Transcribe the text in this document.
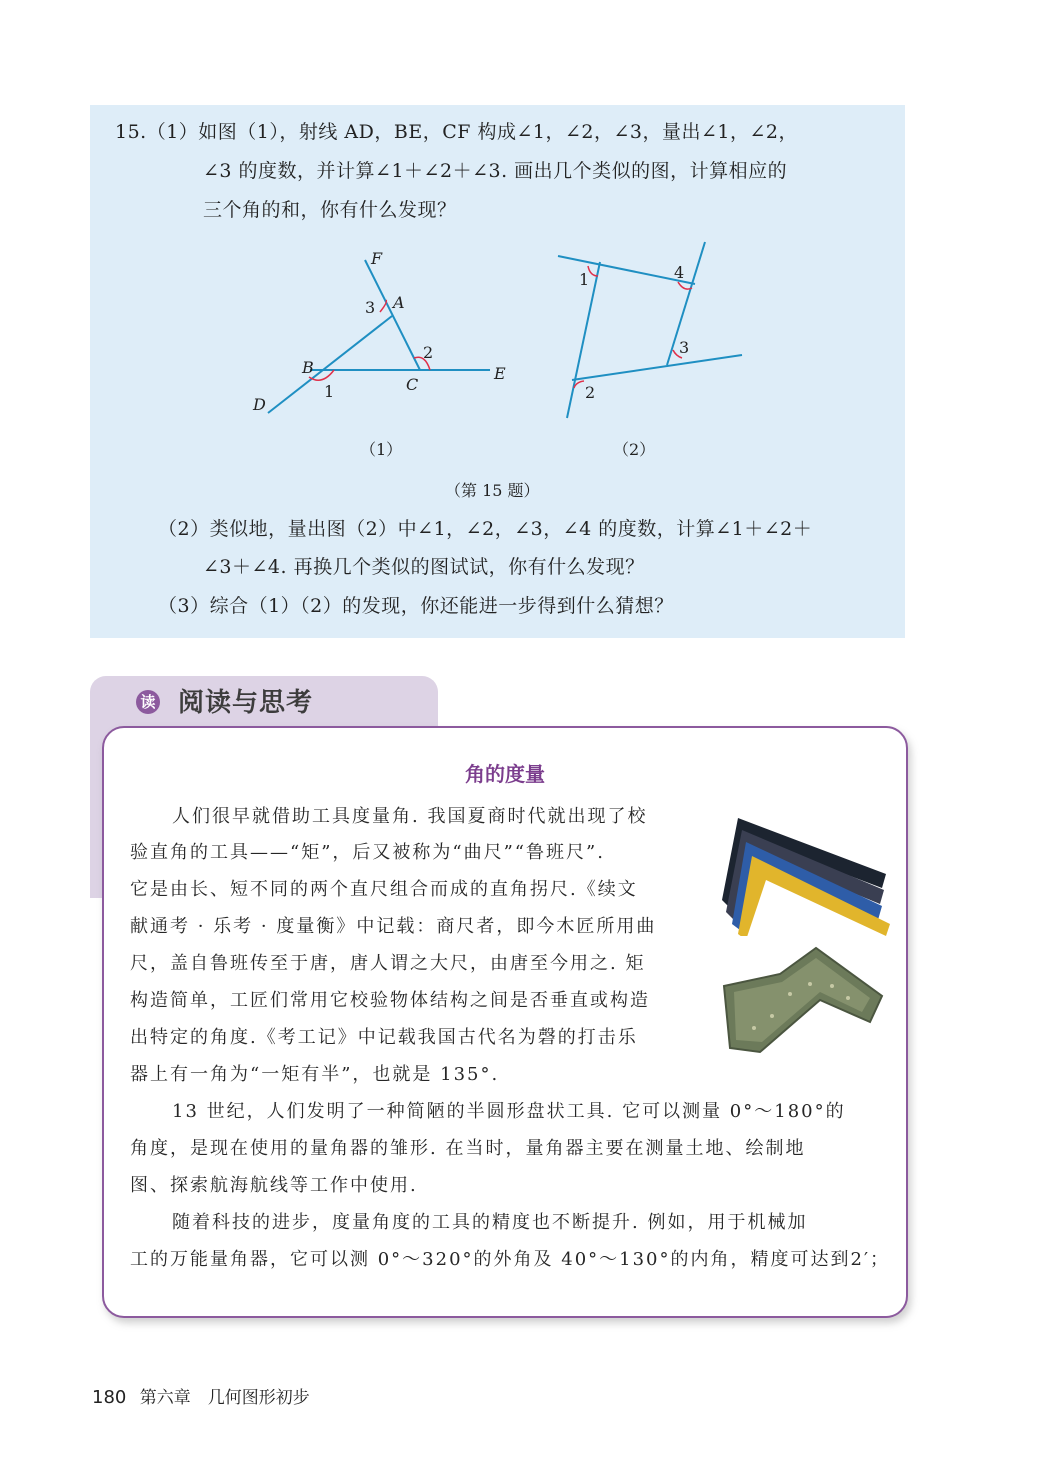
15.（1）如图（1），射线 AD，BE，CF 构成∠1，∠2，∠3，量出∠1，∠2，
∠3 的度数，并计算∠1＋∠2＋∠3. 画出几个类似的图，计算相应的
三个角的和，你有什么发现？
F
A
B
C
D
E
1
2
3
（1）
1	4
3
2
（2）
（第 15 题）
（2）类似地，量出图（2）中∠1，∠2，∠3，∠4 的度数，计算∠1＋∠2＋
∠3＋∠4. 再换几个类似的图试试，你有什么发现？
（3）综合（1）（2）的发现，你还能进一步得到什么猜想？
读 阅读与思考
角的度量
人们很早就借助工具度量角. 我国夏商时代就出现了校
验直角的工具——“矩”，后又被称为“曲尺”“鲁班尺”.
它是由长、短不同的两个直尺组合而成的直角拐尺.《续文
献通考 · 乐考 · 度量衡》中记载：商尺者，即今木匠所用曲
尺，盖自鲁班传至于唐，唐人谓之大尺，由唐至今用之. 矩
构造简单，工匠们常用它校验物体结构之间是否垂直或构造
出特定的角度.《考工记》中记载我国古代名为磬的打击乐
器上有一角为“一矩有半”，也就是 135°.
13 世纪，人们发明了一种简陋的半圆形盘状工具. 它可以测量 0°～180°的
角度，是现在使用的量角器的雏形. 在当时，量角器主要在测量土地、绘制地
图、探索航海航线等工作中使用.
随着科技的进步，度量角度的工具的精度也不断提升. 例如，用于机械加
工的万能量角器，它可以测 0°～320°的外角及 40°～130°的内角，精度可达到2′；
180 第六章　几何图形初步
